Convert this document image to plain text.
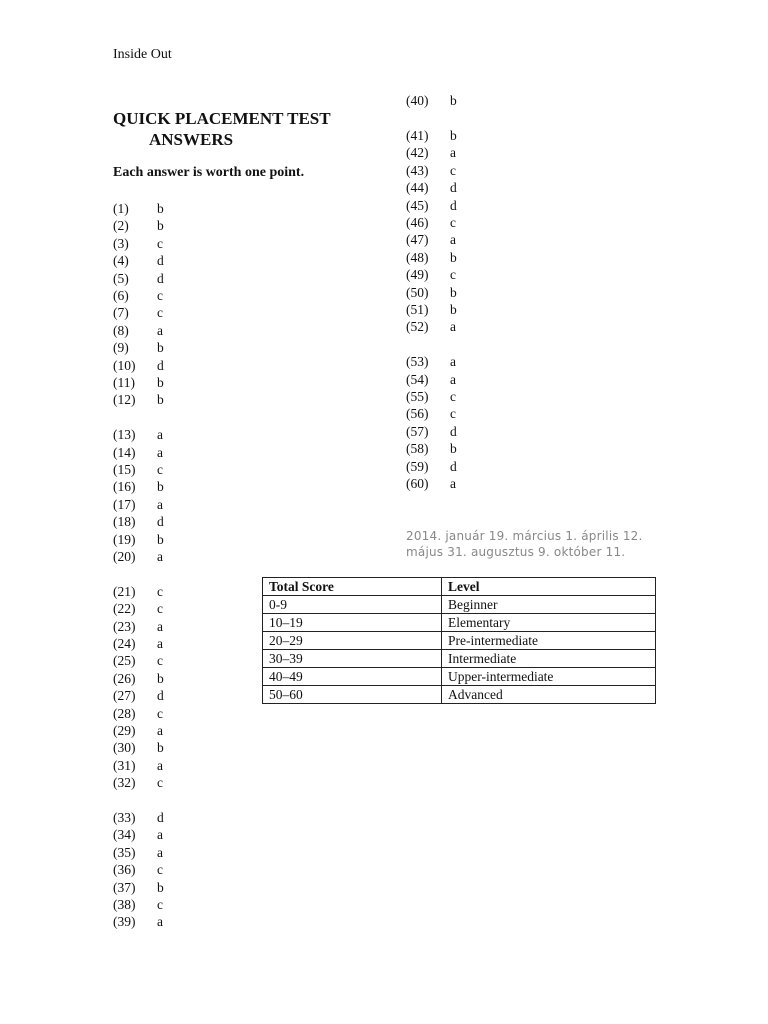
Inside Out
QUICK PLACEMENT TEST
ANSWERS
Each answer is worth one point.
(1) b
(2) b
(3) c
(4) d
(5) d
(6) c
(7) c
(8) a
(9) b
(10) d
(11) b
(12) b
(13) a
(14) a
(15) c
(16) b
(17) a
(18) d
(19) b
(20) a
(21) c
(22) c
(23) a
(24) a
(25) c
(26) b
(27) d
(28) c
(29) a
(30) b
(31) a
(32) c
(33) d
(34) a
(35) a
(36) c
(37) b
(38) c
(39) a
(40) b
(41) b
(42) a
(43) c
(44) d
(45) d
(46) c
(47) a
(48) b
(49) c
(50) b
(51) b
(52) a
(53) a
(54) a
(55) c
(56) c
(57) d
(58) b
(59) d
(60) a
2014. január 19. március 1. április 12. május 31. augusztus 9. október 11.
Total Score	Level
0-9	Beginner
10–19	Elementary
20–29	Pre-intermediate
30–39	Intermediate
40–49	Upper-intermediate
50–60	Advanced
